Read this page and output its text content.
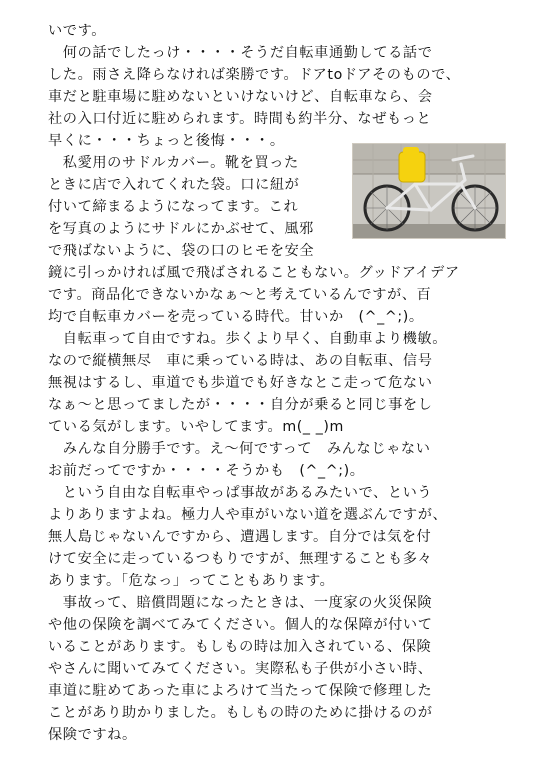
いです。
　何の話でしたっけ・・・・そうだ自転車通勤してる話で
した。雨さえ降らなければ楽勝です。ドアtoドアそのもので、
車だと駐車場に駐めないといけないけど、自転車なら、会
社の入口付近に駐められます。時間も約半分、なぜもっと
早くに・・・ちょっと後悔・・・。
　私愛用のサドルカバー。靴を買った
ときに店で入れてくれた袋。口に紐が
付いて締まるようになってます。これ
を写真のようにサドルにかぶせて、風邪
で飛ばないように、袋の口のヒモを安全
鏡に引っかければ風で飛ばされることもない。グッドアイデア
です。商品化できないかなぁ～と考えているんですが、百
均で自転車カバーを売っている時代。甘いか　(^_^;)。
　自転車って自由ですね。歩くより早く、自動車より機敏。
なので縦横無尽　車に乗っている時は、あの自転車、信号
無視はするし、車道でも歩道でも好きなとこ走って危ない
なぁ～と思ってましたが・・・・自分が乗ると同じ事をし
ている気がします。いやしてます。m(_ _)m
　みんな自分勝手です。え～何ですって　みんなじゃない
お前だってですか・・・・そうかも　(^_^;)。
　という自由な自転車やっぱ事故があるみたいで、という
よりありますよね。極力人や車がいない道を選ぶんですが、
無人島じゃないんですから、遭遇します。自分では気を付
けて安全に走っているつもりですが、無理することも多々
あります。「危なっ」ってこともあります。
　事故って、賠償問題になったときは、一度家の火災保険
や他の保険を調べてみてください。個人的な保障が付いて
いることがあります。もしもの時は加入されている、保険
やさんに聞いてみてください。実際私も子供が小さい時、
車道に駐めてあった車によろけて当たって保険で修理した
ことがあり助かりました。もしもの時のために掛けるのが
保険ですね。
